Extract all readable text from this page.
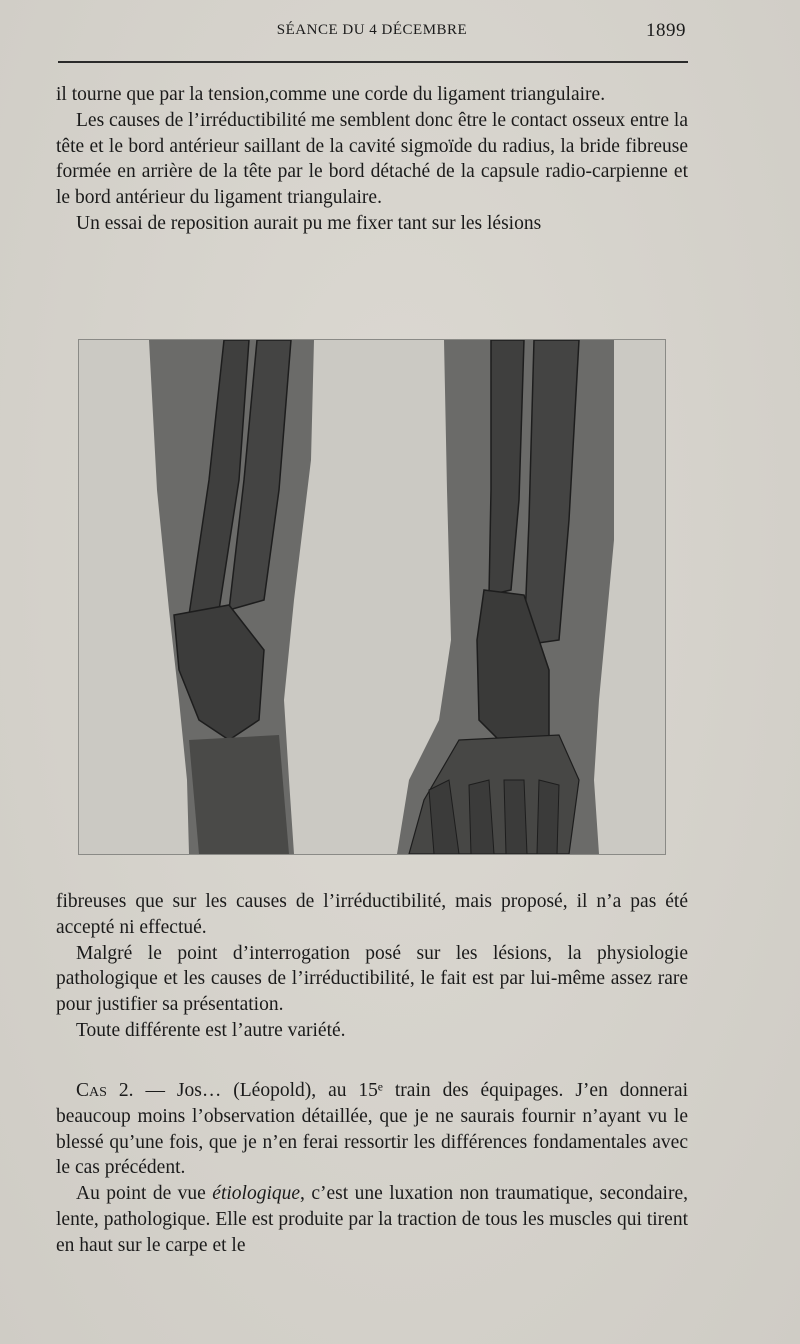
SÉANCE DU 4 DÉCEMBRE	1899

il tourne que par la tension,comme une corde du ligament triangulaire.

Les causes de l’irréductibilité me semblent donc être le contact osseux entre la tête et le bord antérieur saillant de la cavité sigmoïde du radius, la bride fibreuse formée en arrière de la tête par le bord détaché de la capsule radio-carpienne et le bord antérieur du ligament triangulaire.

Un essai de reposition aurait pu me fixer tant sur les lésions

fibreuses que sur les causes de l’irréductibilité, mais proposé, il n’a pas été accepté ni effectué.

Malgré le point d’interrogation posé sur les lésions, la physiologie pathologique et les causes de l’irréductibilité, le fait est par lui-même assez rare pour justifier sa présentation.

Toute différente est l’autre variété.

Cas 2. — Jos… (Léopold), au 15ᵉ train des équipages. J’en donnerai beaucoup moins l’observation détaillée, que je ne saurais fournir n’ayant vu le blessé qu’une fois, que je n’en ferai ressortir les différences fondamentales avec le cas précédent.

Au point de vue étiologique, c’est une luxation non traumatique, secondaire, lente, pathologique. Elle est produite par la traction de tous les muscles qui tirent en haut sur le carpe et le
